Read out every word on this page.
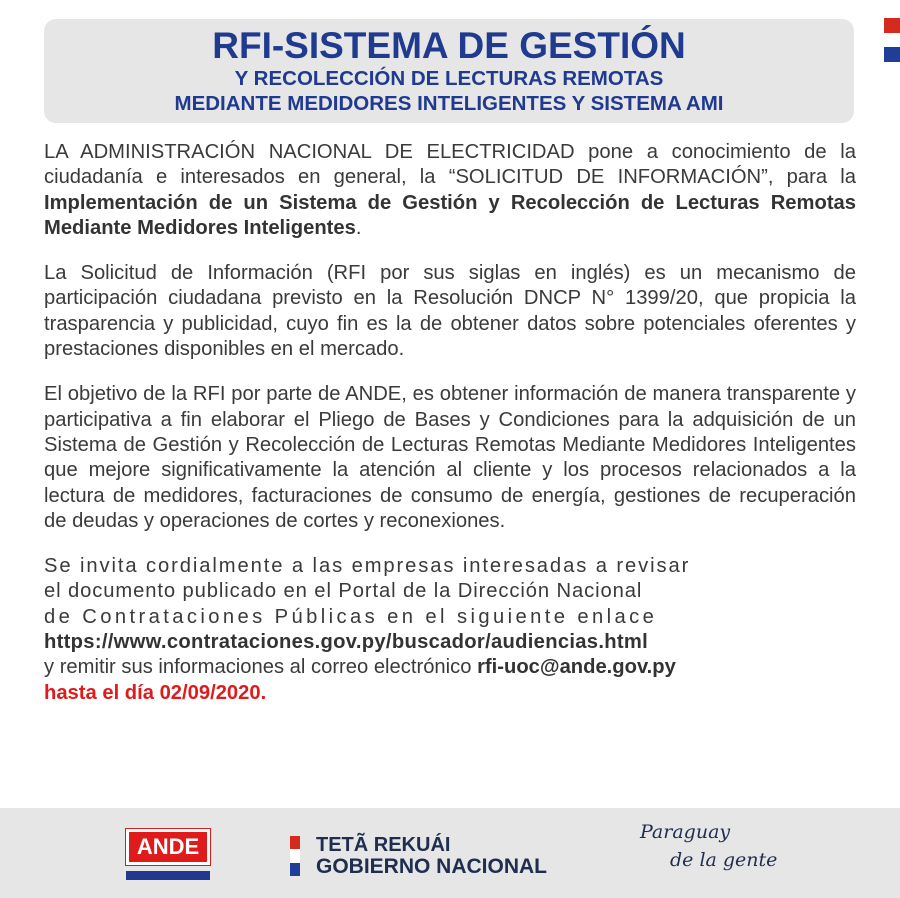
RFI-SISTEMA DE GESTIÓN
Y RECOLECCIÓN DE LECTURAS REMOTAS
MEDIANTE MEDIDORES INTELIGENTES Y SISTEMA AMI

LA ADMINISTRACIÓN NACIONAL DE ELECTRICIDAD pone a conocimiento de la ciudadanía e interesados en general, la “SOLICITUD DE INFORMACIÓN”, para la Implementación de un Sistema de Gestión y Recolección de Lecturas Remotas Mediante Medidores Inteligentes.

La Solicitud de Información (RFI por sus siglas en inglés) es un mecanismo de participación ciudadana previsto en la Resolución DNCP N° 1399/20, que propicia la trasparencia y publicidad, cuyo fin es la de obtener datos sobre potenciales oferentes y prestaciones disponibles en el mercado.

El objetivo de la RFI por parte de ANDE, es obtener información de manera transparente y participativa a fin elaborar el Pliego de Bases y Condiciones para la adquisición de un Sistema de Gestión y Recolección de Lecturas Remotas Mediante Medidores Inteligentes que mejore significativamente la atención al cliente y los procesos relacionados a la lectura de medidores, facturaciones de consumo de energía, gestiones de recuperación de deudas y operaciones de cortes y reconexiones.

Se invita cordialmente a las empresas interesadas a revisar
el documento publicado en el Portal de la Dirección Nacional
de Contrataciones Públicas en el siguiente enlace
https://www.contrataciones.gov.py/buscador/audiencias.html
y remitir sus informaciones al correo electrónico rfi-uoc@ande.gov.py
hasta el día 02/09/2020.

ANDE	TETÃ REKUÁI
GOBIERNO NACIONAL
Paraguay
de la gente
